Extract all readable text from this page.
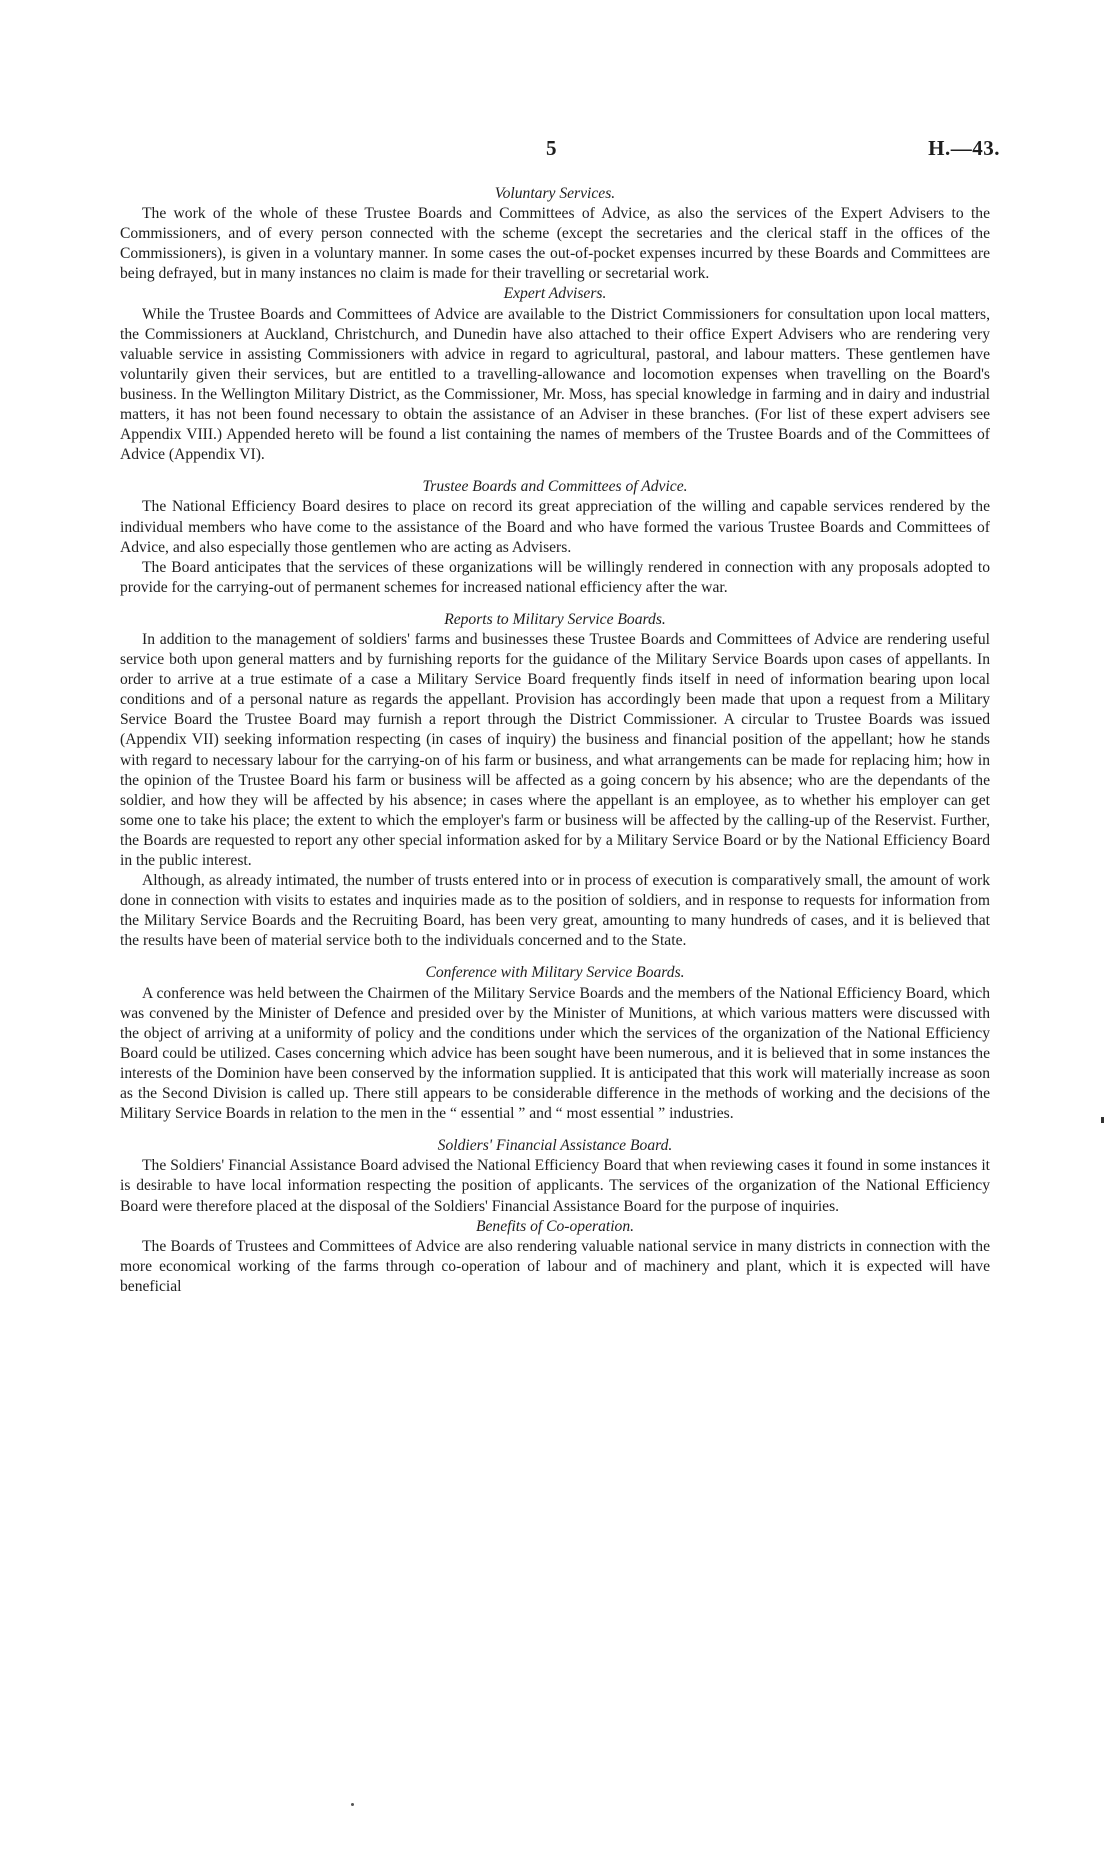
5	H.—43.
Voluntary Services.

The work of the whole of these Trustee Boards and Committees of Advice, as also the services of the Expert Advisers to the Commissioners, and of every person connected with the scheme (except the secretaries and the clerical staff in the offices of the Commissioners), is given in a voluntary manner. In some cases the out-of-pocket expenses incurred by these Boards and Committees are being defrayed, but in many instances no claim is made for their travelling or secretarial work.

Expert Advisers.

While the Trustee Boards and Committees of Advice are available to the District Commissioners for consultation upon local matters, the Commissioners at Auckland, Christchurch, and Dunedin have also attached to their office Expert Advisers who are rendering very valuable service in assisting Commissioners with advice in regard to agricultural, pastoral, and labour matters. These gentlemen have voluntarily given their services, but are entitled to a travelling-allowance and locomotion expenses when travelling on the Board's business. In the Wellington Military District, as the Commissioner, Mr. Moss, has special knowledge in farming and in dairy and industrial matters, it has not been found necessary to obtain the assistance of an Adviser in these branches. (For list of these expert advisers see Appendix VIII.) Appended hereto will be found a list containing the names of members of the Trustee Boards and of the Committees of Advice (Appendix VI).

Trustee Boards and Committees of Advice.

The National Efficiency Board desires to place on record its great appreciation of the willing and capable services rendered by the individual members who have come to the assistance of the Board and who have formed the various Trustee Boards and Committees of Advice, and also especially those gentlemen who are acting as Advisers.

The Board anticipates that the services of these organizations will be willingly rendered in connection with any proposals adopted to provide for the carrying-out of permanent schemes for increased national efficiency after the war.

Reports to Military Service Boards.

In addition to the management of soldiers' farms and businesses these Trustee Boards and Committees of Advice are rendering useful service both upon general matters and by furnishing reports for the guidance of the Military Service Boards upon cases of appellants. In order to arrive at a true estimate of a case a Military Service Board frequently finds itself in need of information bearing upon local conditions and of a personal nature as regards the appellant. Provision has accordingly been made that upon a request from a Military Service Board the Trustee Board may furnish a report through the District Commissioner. A circular to Trustee Boards was issued (Appendix VII) seeking information respecting (in cases of inquiry) the business and financial position of the appellant; how he stands with regard to necessary labour for the carrying-on of his farm or business, and what arrangements can be made for replacing him; how in the opinion of the Trustee Board his farm or business will be affected as a going concern by his absence; who are the dependants of the soldier, and how they will be affected by his absence; in cases where the appellant is an employee, as to whether his employer can get some one to take his place; the extent to which the employer's farm or business will be affected by the calling-up of the Reservist. Further, the Boards are requested to report any other special information asked for by a Military Service Board or by the National Efficiency Board in the public interest.

Although, as already intimated, the number of trusts entered into or in process of execution is comparatively small, the amount of work done in connection with visits to estates and inquiries made as to the position of soldiers, and in response to requests for information from the Military Service Boards and the Recruiting Board, has been very great, amounting to many hundreds of cases, and it is believed that the results have been of material service both to the individuals concerned and to the State.

Conference with Military Service Boards.

A conference was held between the Chairmen of the Military Service Boards and the members of the National Efficiency Board, which was convened by the Minister of Defence and presided over by the Minister of Munitions, at which various matters were discussed with the object of arriving at a uniformity of policy and the conditions under which the services of the organization of the National Efficiency Board could be utilized. Cases concerning which advice has been sought have been numerous, and it is believed that in some instances the interests of the Dominion have been conserved by the information supplied. It is anticipated that this work will materially increase as soon as the Second Division is called up. There still appears to be considerable difference in the methods of working and the decisions of the Military Service Boards in relation to the men in the “ essential ” and “ most essential ” industries.

Soldiers' Financial Assistance Board.

The Soldiers' Financial Assistance Board advised the National Efficiency Board that when reviewing cases it found in some instances it is desirable to have local information respecting the position of applicants. The services of the organization of the National Efficiency Board were therefore placed at the disposal of the Soldiers' Financial Assistance Board for the purpose of inquiries.

Benefits of Co-operation.

The Boards of Trustees and Committees of Advice are also rendering valuable national service in many districts in connection with the more economical working of the farms through co-operation of labour and of machinery and plant, which it is expected will have beneficial
